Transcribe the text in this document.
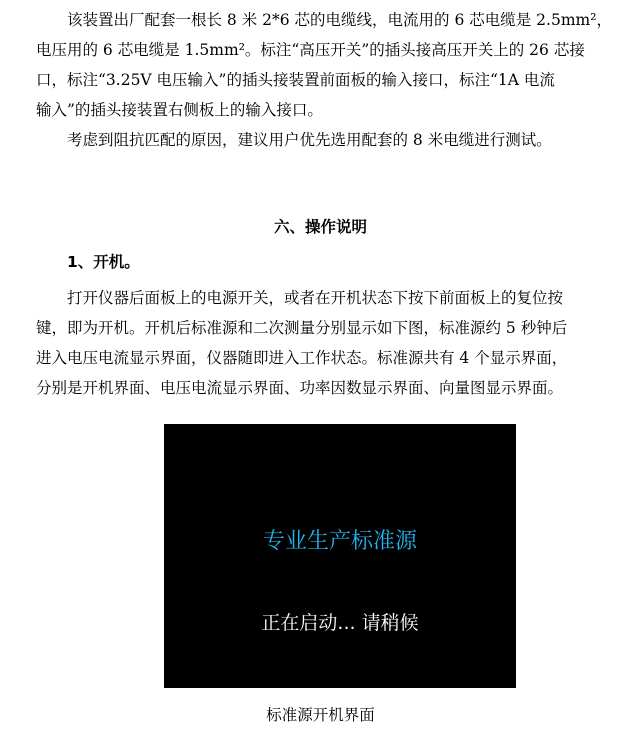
该装置出厂配套一根长 8 米 2*6 芯的电缆线，电流用的 6 芯电缆是 2.5mm²，
电压用的 6 芯电缆是 1.5mm²。标注“高压开关”的插头接高压开关上的 26 芯接
口，标注“3.25V 电压输入”的插头接装置前面板的输入接口，标注“1A 电流
输入”的插头接装置右侧板上的输入接口。
考虑到阻抗匹配的原因，建议用户优先选用配套的 8 米电缆进行测试。
六、操作说明
1、开机。
打开仪器后面板上的电源开关，或者在开机状态下按下前面板上的复位按
键，即为开机。开机后标准源和二次测量分别显示如下图，标准源约 5 秒钟后
进入电压电流显示界面，仪器随即进入工作状态。标准源共有 4 个显示界面，
分别是开机界面、电压电流显示界面、功率因数显示界面、向量图显示界面。
专业生产标准源
正在启动... 请稍候
标准源开机界面
